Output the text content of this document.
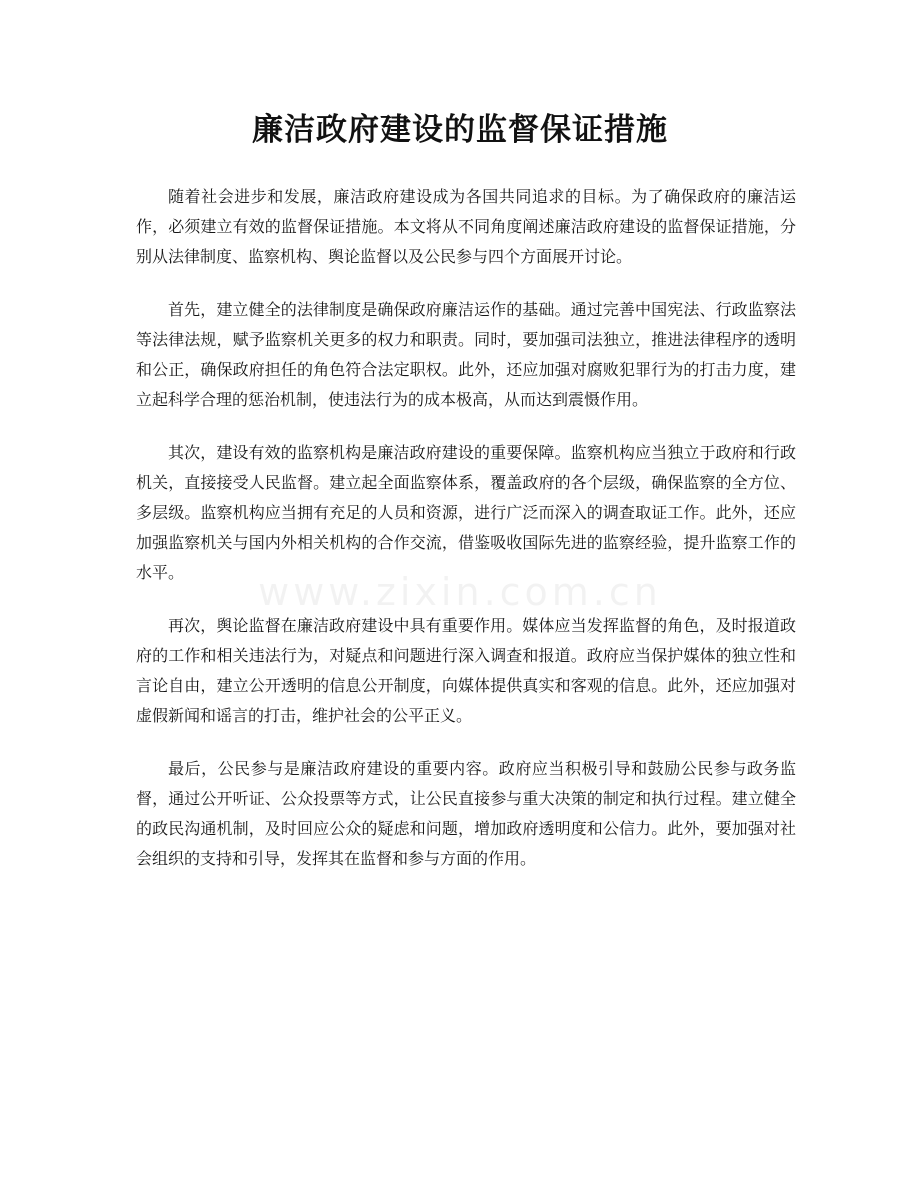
廉洁政府建设的监督保证措施
www.zixin.com.cn

随着社会进步和发展，廉洁政府建设成为各国共同追求的目标。为了确保政府的廉洁运作，必须建立有效的监督保证措施。本文将从不同角度阐述廉洁政府建设的监督保证措施，分别从法律制度、监察机构、舆论监督以及公民参与四个方面展开讨论。

首先，建立健全的法律制度是确保政府廉洁运作的基础。通过完善中国宪法、行政监察法等法律法规，赋予监察机关更多的权力和职责。同时，要加强司法独立，推进法律程序的透明和公正，确保政府担任的角色符合法定职权。此外，还应加强对腐败犯罪行为的打击力度，建立起科学合理的惩治机制，使违法行为的成本极高，从而达到震慑作用。

其次，建设有效的监察机构是廉洁政府建设的重要保障。监察机构应当独立于政府和行政机关，直接接受人民监督。建立起全面监察体系，覆盖政府的各个层级，确保监察的全方位、多层级。监察机构应当拥有充足的人员和资源，进行广泛而深入的调查取证工作。此外，还应加强监察机关与国内外相关机构的合作交流，借鉴吸收国际先进的监察经验，提升监察工作的水平。

再次，舆论监督在廉洁政府建设中具有重要作用。媒体应当发挥监督的角色，及时报道政府的工作和相关违法行为，对疑点和问题进行深入调查和报道。政府应当保护媒体的独立性和言论自由，建立公开透明的信息公开制度，向媒体提供真实和客观的信息。此外，还应加强对虚假新闻和谣言的打击，维护社会的公平正义。

最后，公民参与是廉洁政府建设的重要内容。政府应当积极引导和鼓励公民参与政务监督，通过公开听证、公众投票等方式，让公民直接参与重大决策的制定和执行过程。建立健全的政民沟通机制，及时回应公众的疑虑和问题，增加政府透明度和公信力。此外，要加强对社会组织的支持和引导，发挥其在监督和参与方面的作用。
